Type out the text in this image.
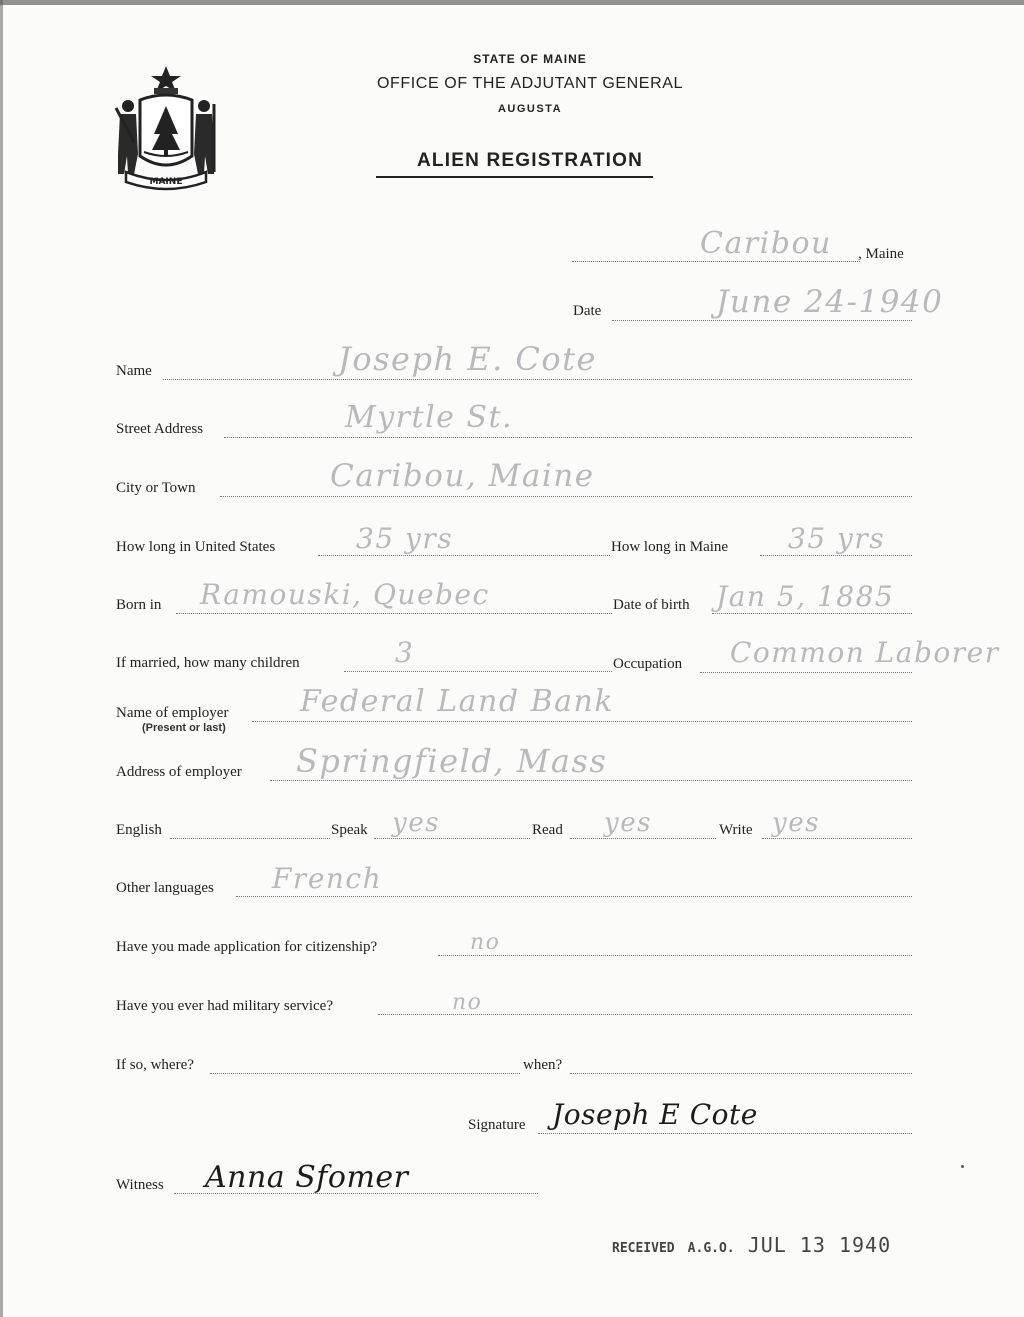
MAINE
STATE OF MAINE
OFFICE OF THE ADJUTANT GENERAL
AUGUSTA
ALIEN REGISTRATION
Caribou , Maine
Date	June 24-1940
Name	Joseph E. Cote
Street Address	Myrtle St.
City or Town	Caribou, Maine
How long in United States	35 yrs	How long in Maine 35 yrs
Born in Ramouski, Quebec	Date of birth Jan 5, 1885
If married, how many children	3	Occupation Common Laborer
Name of employer
(Present or last)
Federal Land Bank
Address of employer Springfield, Mass
English	Speak yes	Read yes	Write yes
Other languages French
Have you made application for citizenship?	no
Have you ever had military service?	no
If so, where?	when?
Signature Joseph E Cote
Witness Anna Sfomer
RECEIVED A.G.O. JUL 13 1940
